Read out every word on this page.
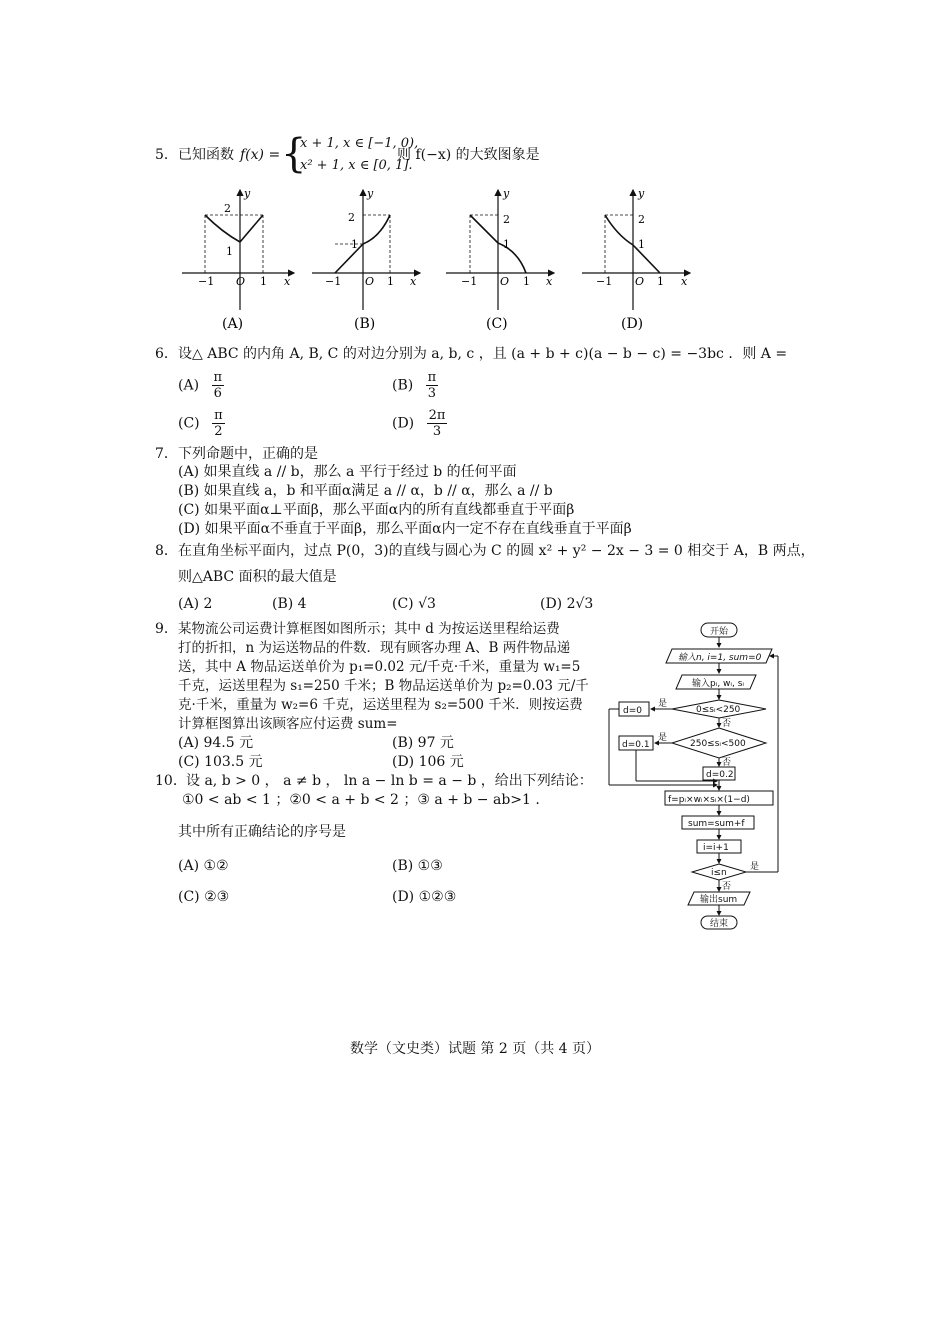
5． 已知函数 f(x) = {
x + 1, x ∈ [−1, 0),
x² + 1, x ∈ [0, 1].
则 f(−x) 的大致图象是
2
1
−1 O 1 x
y
(A)
2
1
−1 O 1 x
y
(B)
2
1
−1 O 1 x
y
(C)
2
1
−1 O 1 x
y
(D)
6． 设△ ABC 的内角 A, B, C 的对边分别为 a, b, c ，且 (a + b + c)(a − b − c) = −3bc ．则 A =
$(A) \frac{\pi}{6}$	$(B) \frac{\pi}{3}$
$(C) \frac{\pi}{2}$	$(D) \frac{2\pi}{3}$
7． 下列命题中，正确的是
(A) 如果直线 a // b，那么 a 平行于经过 b 的任何平面
(B) 如果直线 a，b 和平面α满足 a // α，b // α，那么 a // b
(C) 如果平面α⊥平面β，那么平面α内的所有直线都垂直于平面β
(D) 如果平面α不垂直于平面β，那么平面α内一定不存在直线垂直于平面β
8． 在直角坐标平面内，过点 P(0，3)的直线与圆心为 C 的圆 x² + y² − 2x − 3 = 0 相交于 A，B 两点，
则△ABC 面积的最大值是
(A) 2	(B) 4	(C) √3	(D) 2√3
9． 某物流公司运费计算框图如图所示；其中 d 为按运送里程给运费
打的折扣，n 为运送物品的件数．现有顾客办理 A、B 两件物品递
送，其中 A 物品运送单价为 p₁=0.02 元/千克·千米，重量为 w₁=5
千克，运送里程为 s₁=250 千米；B 物品运送单价为 p₂=0.03 元/千
克·千米，重量为 w₂=6 千克，运送里程为 s₂=500 千米．则按运费
计算框图算出该顾客应付运费 sum=
(A) 94.5 元	(B) 97 元
(C) 103.5 元	(D) 106 元
10． 设 a, b > 0 ， a ≠ b ， ln a − ln b = a − b ，给出下列结论：
①0 < ab < 1 ；②0 < a + b < 2 ；③ a + b − ab>1 .
其中所有正确结论的序号是
(A) ①②	(B) ①③
(C) ②③	(D) ①②③
开始
输入n, i=1, sum=0
输入pᵢ, wᵢ, sᵢ
0≤sᵢ<250
250≤sᵢ<500
d=0
d=0.1
d=0.2
f=pᵢ×wᵢ×sᵢ×(1−d)
sum=sum+f
i=i+1
i≤n
输出sum
结束
是
是
是
否
否
否
数学（文史类）试题 第 2 页（共 4 页）
